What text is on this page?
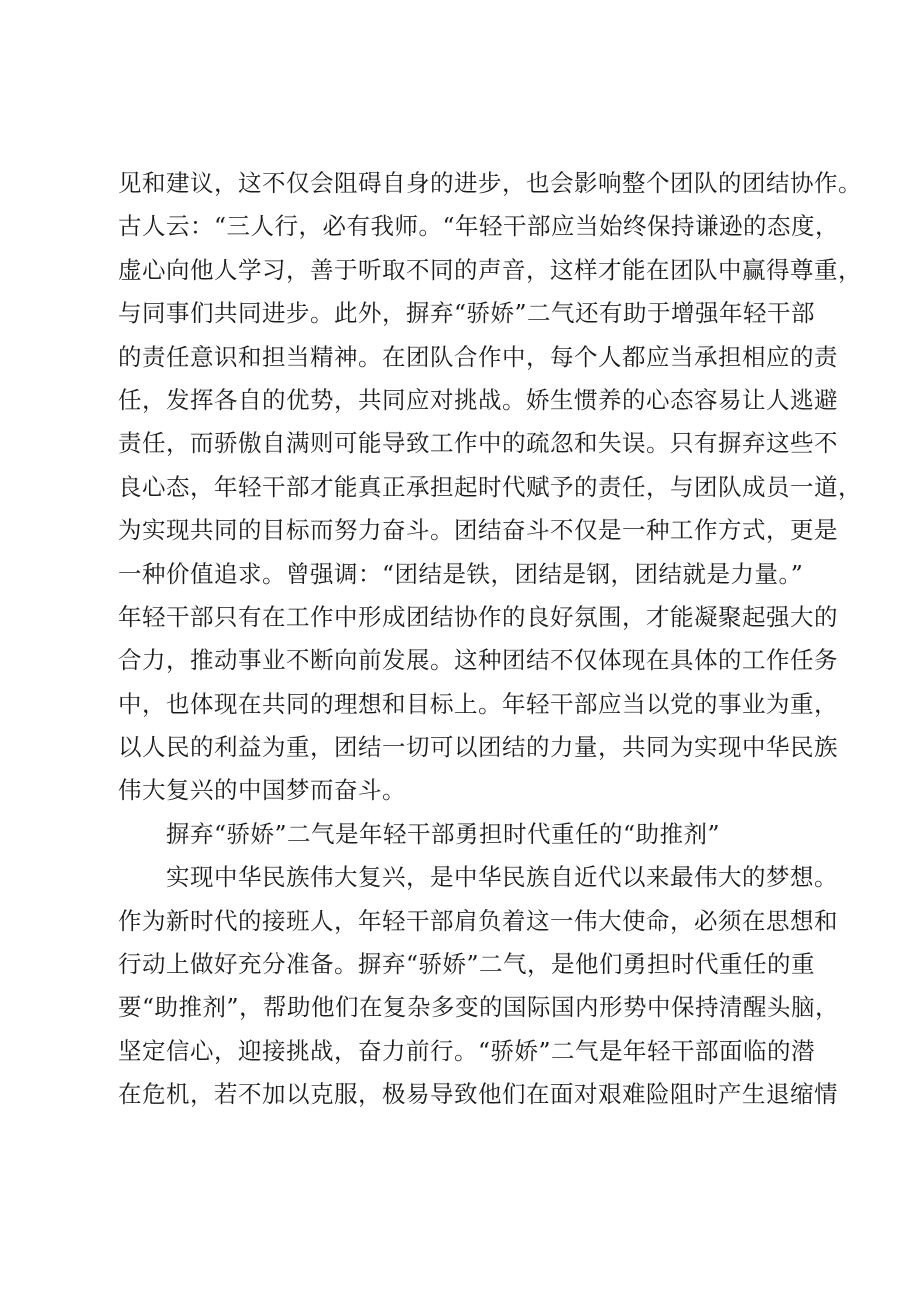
见和建议，这不仅会阻碍自身的进步，也会影响整个团队的团结协作。
古人云：“三人行，必有我师。“年轻干部应当始终保持谦逊的态度，
虚心向他人学习，善于听取不同的声音，这样才能在团队中赢得尊重，
与同事们共同进步。此外，摒弃“骄娇”二气还有助于增强年轻干部
的责任意识和担当精神。在团队合作中，每个人都应当承担相应的责
任，发挥各自的优势，共同应对挑战。娇生惯养的心态容易让人逃避
责任，而骄傲自满则可能导致工作中的疏忽和失误。只有摒弃这些不
良心态，年轻干部才能真正承担起时代赋予的责任，与团队成员一道，
为实现共同的目标而努力奋斗。团结奋斗不仅是一种工作方式，更是
一种价值追求。曾强调：“团结是铁，团结是钢，团结就是力量。”
年轻干部只有在工作中形成团结协作的良好氛围，才能凝聚起强大的
合力，推动事业不断向前发展。这种团结不仅体现在具体的工作任务
中，也体现在共同的理想和目标上。年轻干部应当以党的事业为重，
以人民的利益为重，团结一切可以团结的力量，共同为实现中华民族
伟大复兴的中国梦而奋斗。
摒弃“骄娇”二气是年轻干部勇担时代重任的“助推剂”
实现中华民族伟大复兴，是中华民族自近代以来最伟大的梦想。
作为新时代的接班人，年轻干部肩负着这一伟大使命，必须在思想和
行动上做好充分准备。摒弃“骄娇”二气，是他们勇担时代重任的重
要“助推剂”，帮助他们在复杂多变的国际国内形势中保持清醒头脑，
坚定信心，迎接挑战，奋力前行。“骄娇”二气是年轻干部面临的潜
在危机，若不加以克服，极易导致他们在面对艰难险阻时产生退缩情
